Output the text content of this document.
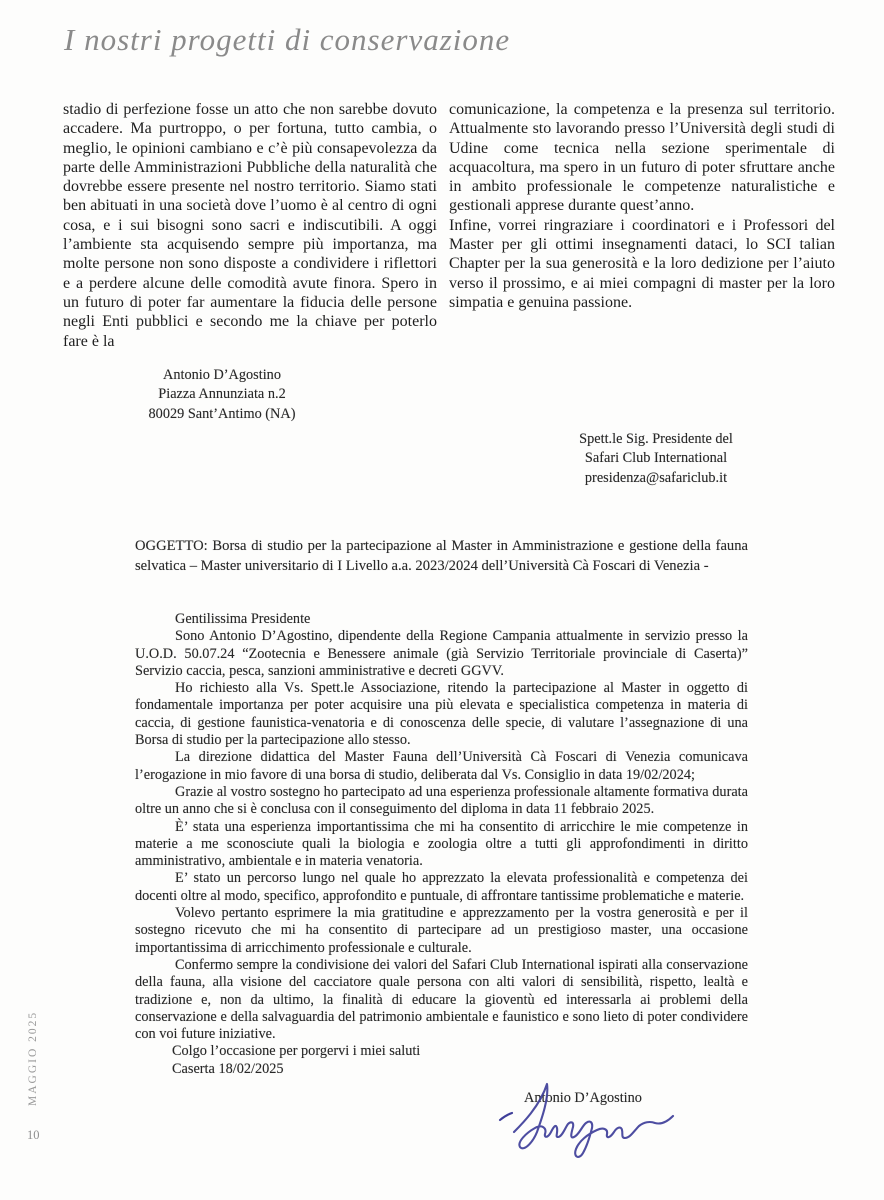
I nostri progetti di conservazione

stadio di perfezione fosse un atto che non sarebbe dovuto accadere. Ma purtroppo, o per fortuna, tutto cambia, o meglio, le opinioni cambiano e c’è più consapevolezza da parte delle Amministrazioni Pubbliche della naturalità che dovrebbe essere presente nel nostro territorio. Siamo stati ben abituati in una società dove l’uomo è al centro di ogni cosa, e i sui bisogni sono sacri e indiscutibili. A oggi l’ambiente sta acquisendo sempre più importanza, ma molte persone non sono disposte a condividere i riflettori e a perdere alcune delle comodità avute finora. Spero in un futuro di poter far aumentare la fiducia delle persone negli Enti pubblici e secondo me la chiave per poterlo fare è la

comunicazione, la competenza e la presenza sul territorio. Attualmente sto lavorando presso l’Università degli studi di Udine come tecnica nella sezione sperimentale di acquacoltura, ma spero in un futuro di poter sfruttare anche in ambito professionale le competenze naturalistiche e gestionali apprese durante quest’anno.

Infine, vorrei ringraziare i coordinatori e i Professori del Master per gli ottimi insegnamenti dataci, lo SCI talian Chapter per la sua generosità e la loro dedizione per l’aiuto verso il prossimo, e ai miei compagni di master per la loro simpatia e genuina passione.

Antonio D’Agostino
Piazza Annunziata n.2
80029 Sant’Antimo (NA)
Spett.le Sig. Presidente del
Safari Club International
presidenza@safariclub.it
OGGETTO: Borsa di studio per la partecipazione al Master in Amministrazione e gestione della fauna selvatica – Master universitario di I Livello a.a. 2023/2024 dell’Università Cà Foscari di Venezia -

Gentilissima Presidente

Sono Antonio D’Agostino, dipendente della Regione Campania attualmente in servizio presso la U.O.D. 50.07.24 “Zootecnia e Benessere animale (già Servizio Territoriale provinciale di Caserta)” Servizio caccia, pesca, sanzioni amministrative e decreti GGVV.

Ho richiesto alla Vs. Spett.le Associazione, ritendo la partecipazione al Master in oggetto di fondamentale importanza per poter acquisire una più elevata e specialistica competenza in materia di caccia, di gestione faunistica-venatoria e di conoscenza delle specie, di valutare l’assegnazione di una Borsa di studio per la partecipazione allo stesso.

La direzione didattica del Master Fauna dell’Università Cà Foscari di Venezia comunicava l’erogazione in mio favore di una borsa di studio, deliberata dal Vs. Consiglio in data 19/02/2024;

Grazie al vostro sostegno ho partecipato ad una esperienza professionale altamente formativa durata oltre un anno che si è conclusa con il conseguimento del diploma in data 11 febbraio 2025.

È’ stata una esperienza importantissima che mi ha consentito di arricchire le mie competenze in materie a me sconosciute quali la biologia e zoologia oltre a tutti gli approfondimenti in diritto amministrativo, ambientale e in materia venatoria.

E’ stato un percorso lungo nel quale ho apprezzato la elevata professionalità e competenza dei docenti oltre al modo, specifico, approfondito e puntuale, di affrontare tantissime problematiche e materie.

Volevo pertanto esprimere la mia gratitudine e apprezzamento per la vostra generosità e per il sostegno ricevuto che mi ha consentito di partecipare ad un prestigioso master, una occasione importantissima di arricchimento professionale e culturale.

Confermo sempre la condivisione dei valori del Safari Club International ispirati alla conservazione della fauna, alla visione del cacciatore quale persona con alti valori di sensibilità, rispetto, lealtà e tradizione e, non da ultimo, la finalità di educare la gioventù ed interessarla ai problemi della conservazione e della salvaguardia del patrimonio ambientale e faunistico e sono lieto di poter condividere con voi future iniziative.

Colgo l’occasione per porgervi i miei saluti

Caserta 18/02/2025

Antonio D’Agostino
MAGGIO 2025
10
